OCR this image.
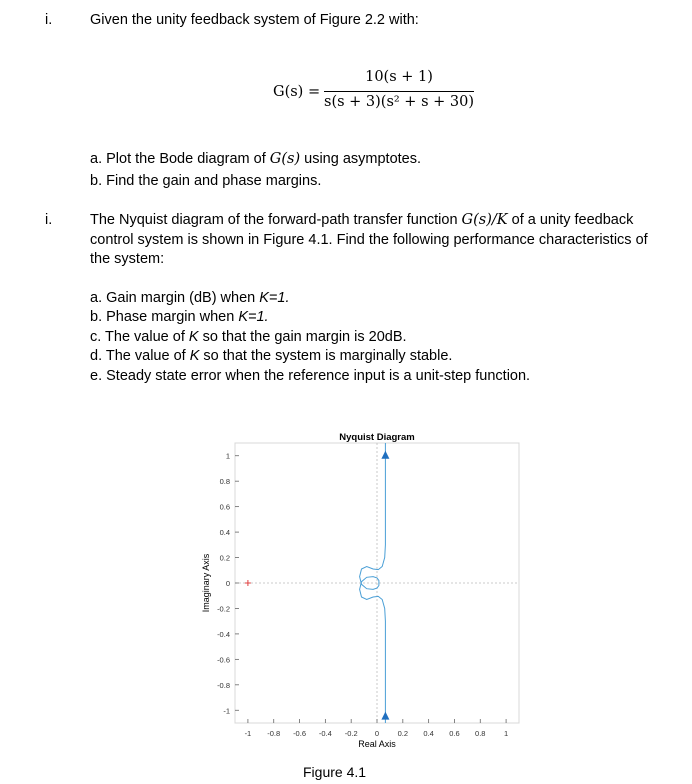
i.	Given the unity feedback system of Figure 2.2 with:
G(s) =
10(s + 1)
s(s + 3)(s² + s + 30)
a. Plot the Bode diagram of G(s) using asymptotes.
b. Find the gain and phase margins.
i.	The Nyquist diagram of the forward-path transfer function G(s)/K of a unity feedback
control system is shown in Figure 4.1. Find the following performance characteristics of
the system:
a. Gain margin (dB) when K=1.
b. Phase margin when K=1.
c. The value of K so that the gain margin is 20dB.
d. The value of K so that the system is marginally stable.
e. Steady state error when the reference input is a unit-step function.
Nyquist Diagram
Real Axis
Imaginary Axis
-1 -0.8 -0.6 -0.4 -0.2 0 0.2 0.4 0.6 0.8 1
1
0.8
0.6
0.4
0.2
0
-0.2
-0.4
-0.6
-0.8
-1
Figure 4.1
